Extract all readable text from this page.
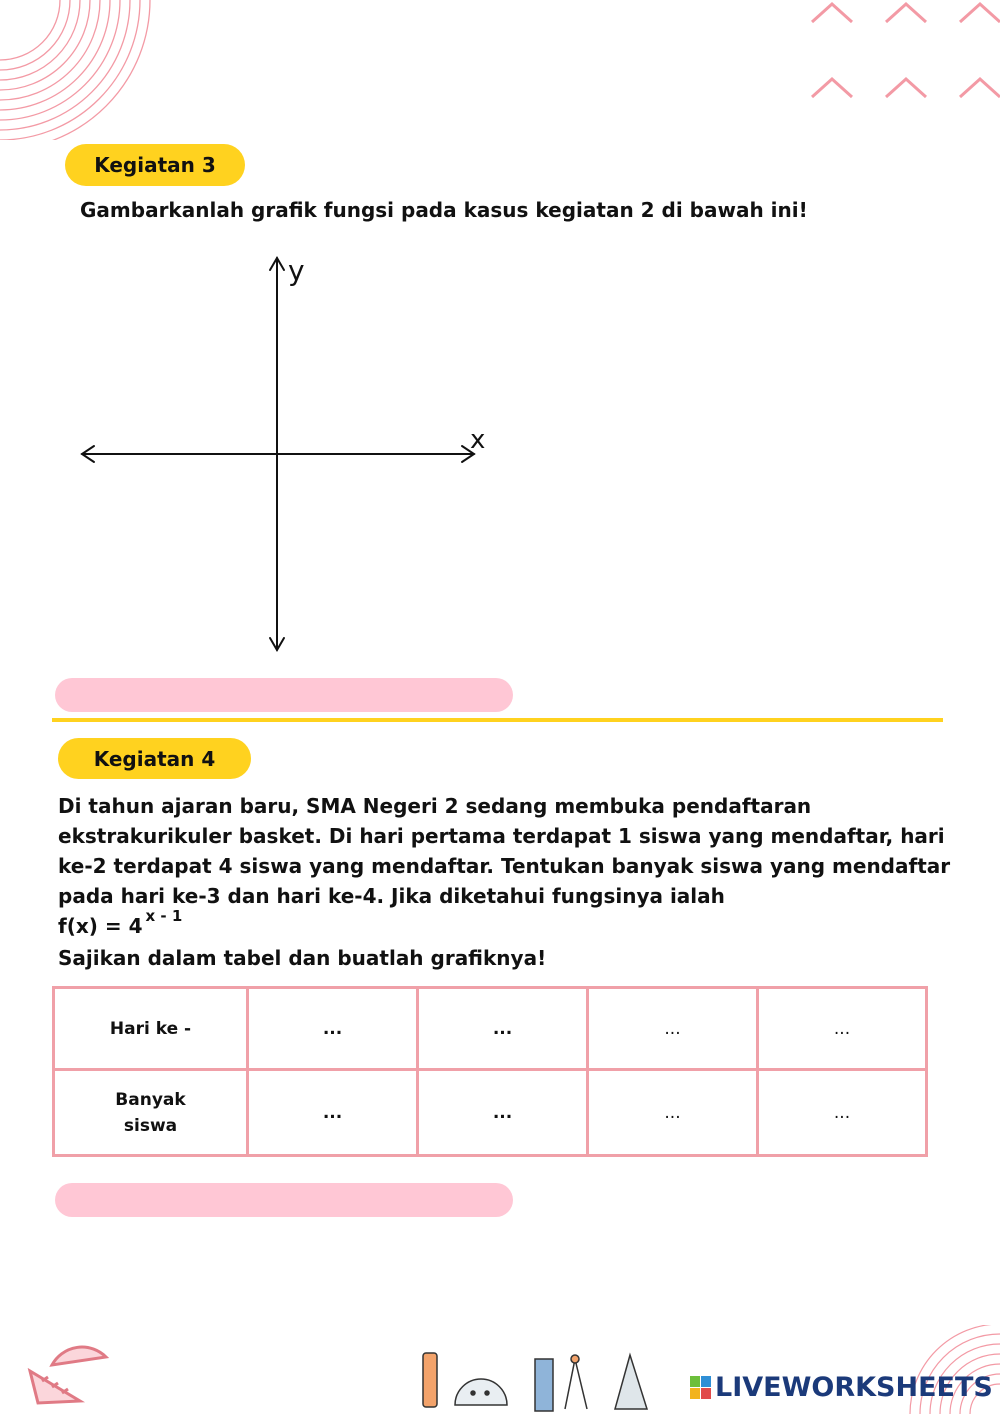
Kegiatan 3
Gambarkanlah grafik fungsi pada kasus kegiatan 2 di bawah ini!
y
x
Kegiatan 4
Di tahun ajaran baru, SMA Negeri 2 sedang membuka pendaftaran
ekstrakurikuler basket. Di hari pertama terdapat 1 siswa yang mendaftar, hari
ke-2 terdapat 4 siswa yang mendaftar. Tentukan banyak siswa yang mendaftar
pada hari ke-3 dan hari ke-4. Jika diketahui fungsinya ialah
f(x) = 4 $^{x - 1}$
Sajikan dalam tabel dan buatlah grafiknya!
Hari ke -	...	...	...	...

Banyak
siswa	...	...	...	...
LIVEWORKSHEETS
